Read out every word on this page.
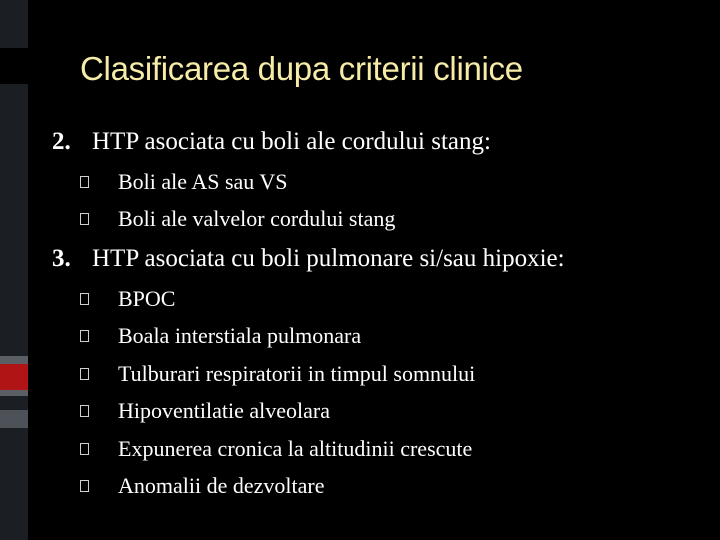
Clasificarea dupa criterii clinice
2. HTP asociata cu boli ale cordului stang:
Boli ale AS sau VS
Boli ale valvelor cordului stang
3. HTP asociata cu boli pulmonare si/sau hipoxie:
BPOC
Boala interstiala pulmonara
Tulburari respiratorii in timpul somnului
Hipoventilatie alveolara
Expunerea cronica la altitudinii crescute
Anomalii de dezvoltare
